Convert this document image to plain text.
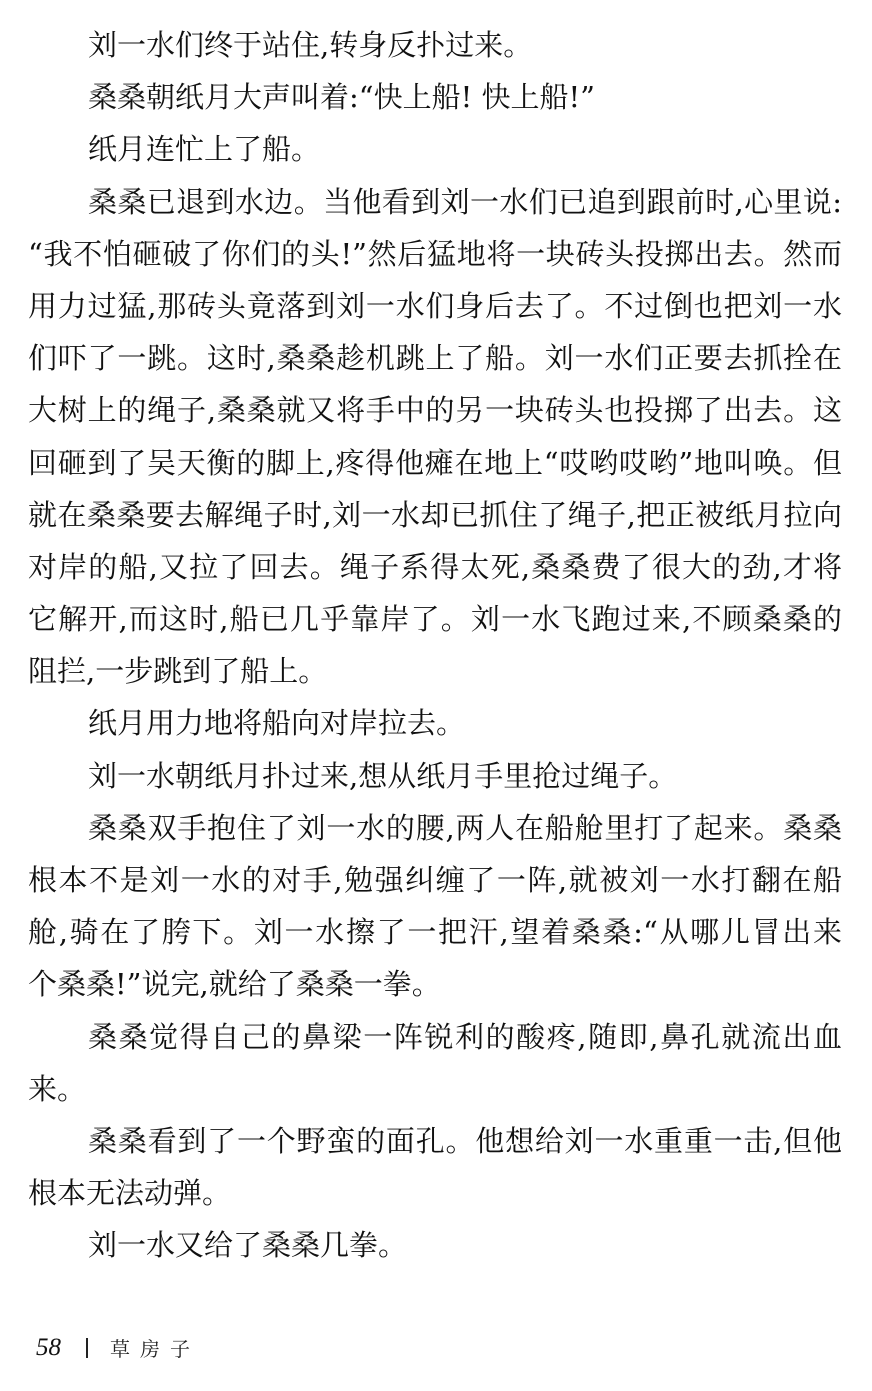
刘一水们终于站住,转身反扑过来。
桑桑朝纸月大声叫着:“快上船! 快上船!”
纸月连忙上了船。
桑桑已退到水边。当他看到刘一水们已追到跟前时,心里说:
“我不怕砸破了你们的头!”然后猛地将一块砖头投掷出去。然而
用力过猛,那砖头竟落到刘一水们身后去了。不过倒也把刘一水
们吓了一跳。这时,桑桑趁机跳上了船。刘一水们正要去抓拴在
大树上的绳子,桑桑就又将手中的另一块砖头也投掷了出去。这
回砸到了吴天衡的脚上,疼得他瘫在地上“哎哟哎哟”地叫唤。但
就在桑桑要去解绳子时,刘一水却已抓住了绳子,把正被纸月拉向
对岸的船,又拉了回去。绳子系得太死,桑桑费了很大的劲,才将
它解开,而这时,船已几乎靠岸了。刘一水飞跑过来,不顾桑桑的
阻拦,一步跳到了船上。
纸月用力地将船向对岸拉去。
刘一水朝纸月扑过来,想从纸月手里抢过绳子。
桑桑双手抱住了刘一水的腰,两人在船舱里打了起来。桑桑
根本不是刘一水的对手,勉强纠缠了一阵,就被刘一水打翻在船
舱,骑在了胯下。刘一水擦了一把汗,望着桑桑:“从哪儿冒出来
个桑桑!”说完,就给了桑桑一拳。
桑桑觉得自己的鼻梁一阵锐利的酸疼,随即,鼻孔就流出血
来。
桑桑看到了一个野蛮的面孔。他想给刘一水重重一击,但他
根本无法动弹。
刘一水又给了桑桑几拳。
58	草房子
